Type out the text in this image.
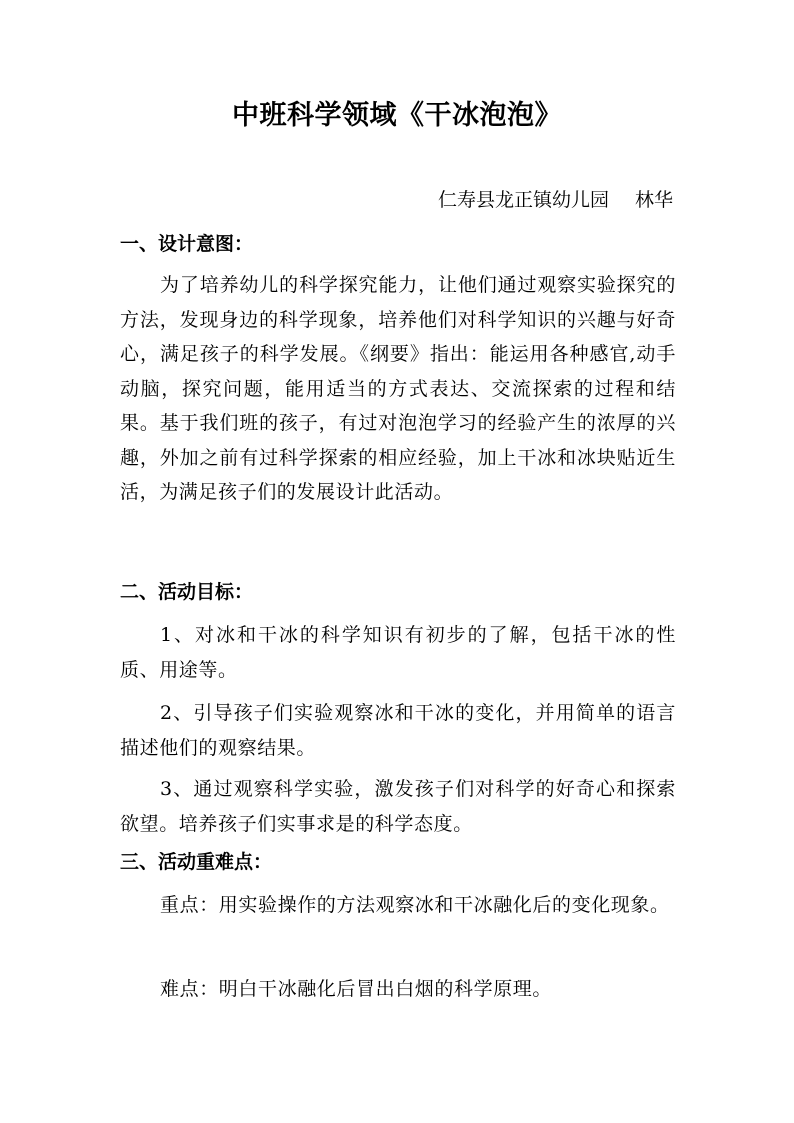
中班科学领域《干冰泡泡》
仁寿县龙正镇幼儿园 林华
一、设计意图：
为了培养幼儿的科学探究能力，让他们通过观察实验探究的方法，发现身边的科学现象，培养他们对科学知识的兴趣与好奇心，满足孩子的科学发展。《纲要》指出：能运用各种感官,动手动脑，探究问题，能用适当的方式表达、交流探索的过程和结果。基于我们班的孩子，有过对泡泡学习的经验产生的浓厚的兴趣，外加之前有过科学探索的相应经验，加上干冰和冰块贴近生活，为满足孩子们的发展设计此活动。
二、活动目标：
1、对冰和干冰的科学知识有初步的了解，包括干冰的性质、用途等。
2、引导孩子们实验观察冰和干冰的变化，并用简单的语言描述他们的观察结果。
3、通过观察科学实验，激发孩子们对科学的好奇心和探索欲望。培养孩子们实事求是的科学态度。
三、活动重难点：
重点：用实验操作的方法观察冰和干冰融化后的变化现象。
难点：明白干冰融化后冒出白烟的科学原理。
